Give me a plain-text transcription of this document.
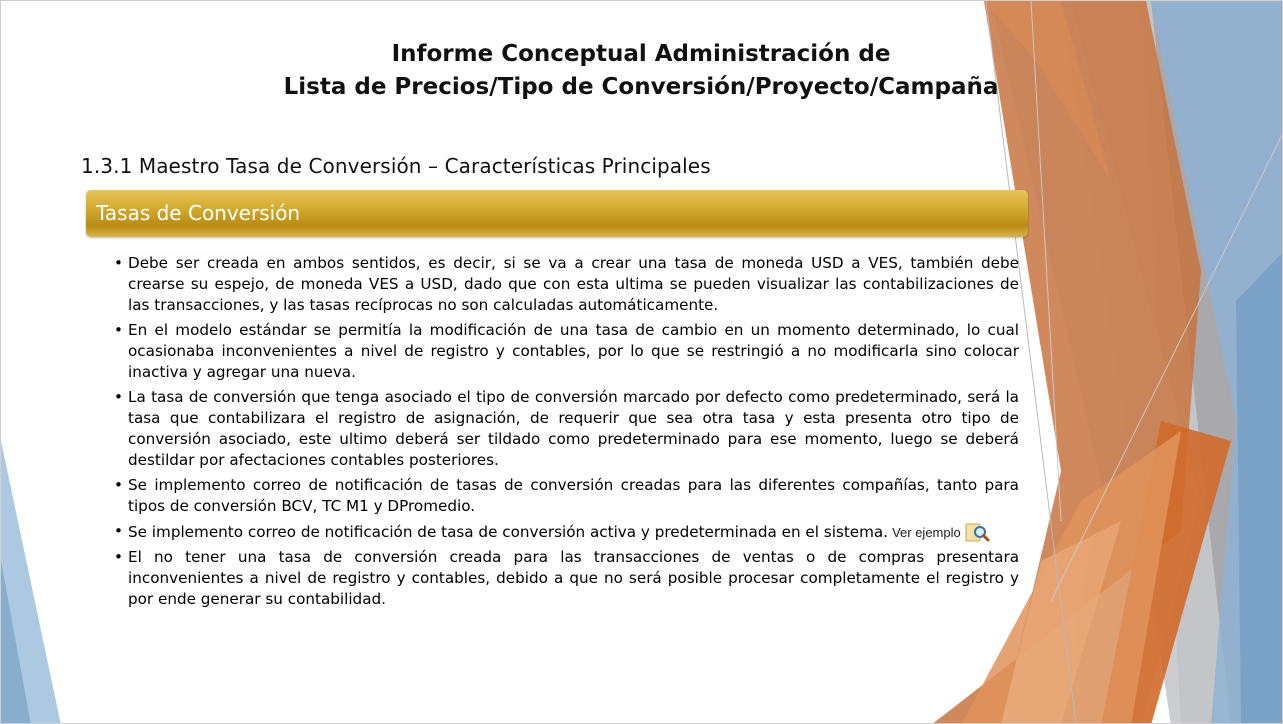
Informe Conceptual Administración de
Lista de Precios/Tipo de Conversión/Proyecto/Campaña
1.3.1 Maestro Tasa de Conversión – Características Principales
Tasas de Conversión
• Debe ser creada en ambos sentidos, es decir, si se va a crear una tasa de moneda USD a VES, también debe crearse su espejo, de moneda VES a USD, dado que con esta ultima se pueden visualizar las contabilizaciones de las transacciones, y las tasas recíprocas no son calculadas automáticamente.
• En el modelo estándar se permitía la modificación de una tasa de cambio en un momento determinado, lo cual ocasionaba inconvenientes a nivel de registro y contables, por lo que se restringió a no modificarla sino colocar inactiva y agregar una nueva.
• La tasa de conversión que tenga asociado el tipo de conversión marcado por defecto como predeterminado, será la tasa que contabilizara el registro de asignación, de requerir que sea otra tasa y esta presenta otro tipo de conversión asociado, este ultimo deberá ser tildado como predeterminado para ese momento, luego se deberá destildar por afectaciones contables posteriores.
• Se implemento correo de notificación de tasas de conversión creadas para las diferentes compañías, tanto para tipos de conversión BCV, TC M1 y DPromedio.
• Se implemento correo de notificación de tasa de conversión activa y predeterminada en el sistema. Ver ejemplo
• El no tener una tasa de conversión creada para las transacciones de ventas o de compras presentara inconvenientes a nivel de registro y contables, debido a que no será posible procesar completamente el registro y por ende generar su contabilidad.
